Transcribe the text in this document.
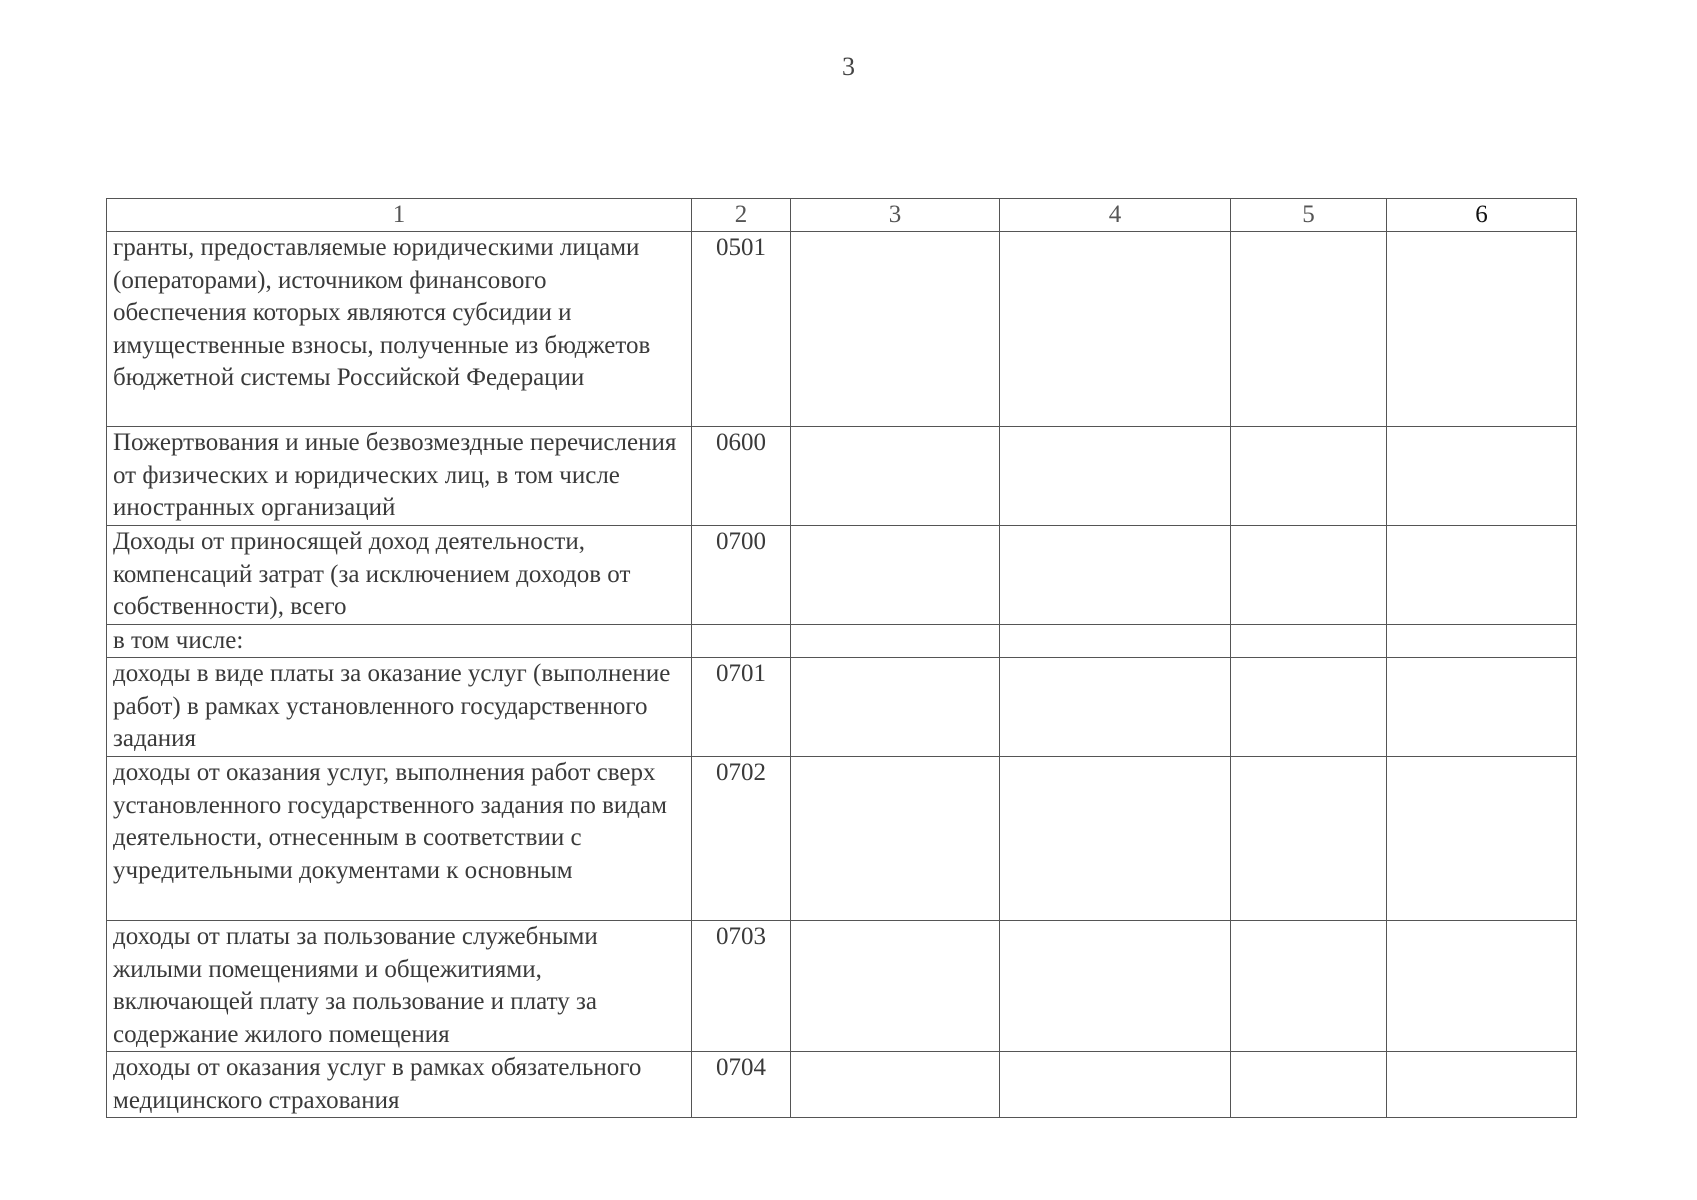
3
1	2	3	4	5	6
гранты, предоставляемые юридическими лицами (операторами), источником финансового обеспечения которых являются субсидии и имущественные взносы, полученные из бюджетов бюджетной системы Российской Федерации	0501				
Пожертвования и иные безвозмездные перечисления от физических и юридических лиц, в том числе иностранных организаций	0600				
Доходы от приносящей доход деятельности, компенсаций затрат (за исключением доходов от собственности), всего	0700				
в том числе:					
доходы в виде платы за оказание услуг (выполнение работ) в рамках установленного государственного задания	0701				
доходы от оказания услуг, выполнения работ сверх установленного государственного задания по видам деятельности, отнесенным в соответствии с учредительными документами к основным	0702				
доходы от платы за пользование служебными жилыми помещениями и общежитиями, включающей плату за пользование и плату за содержание жилого помещения	0703				
доходы от оказания услуг в рамках обязательного медицинского страхования	0704				
